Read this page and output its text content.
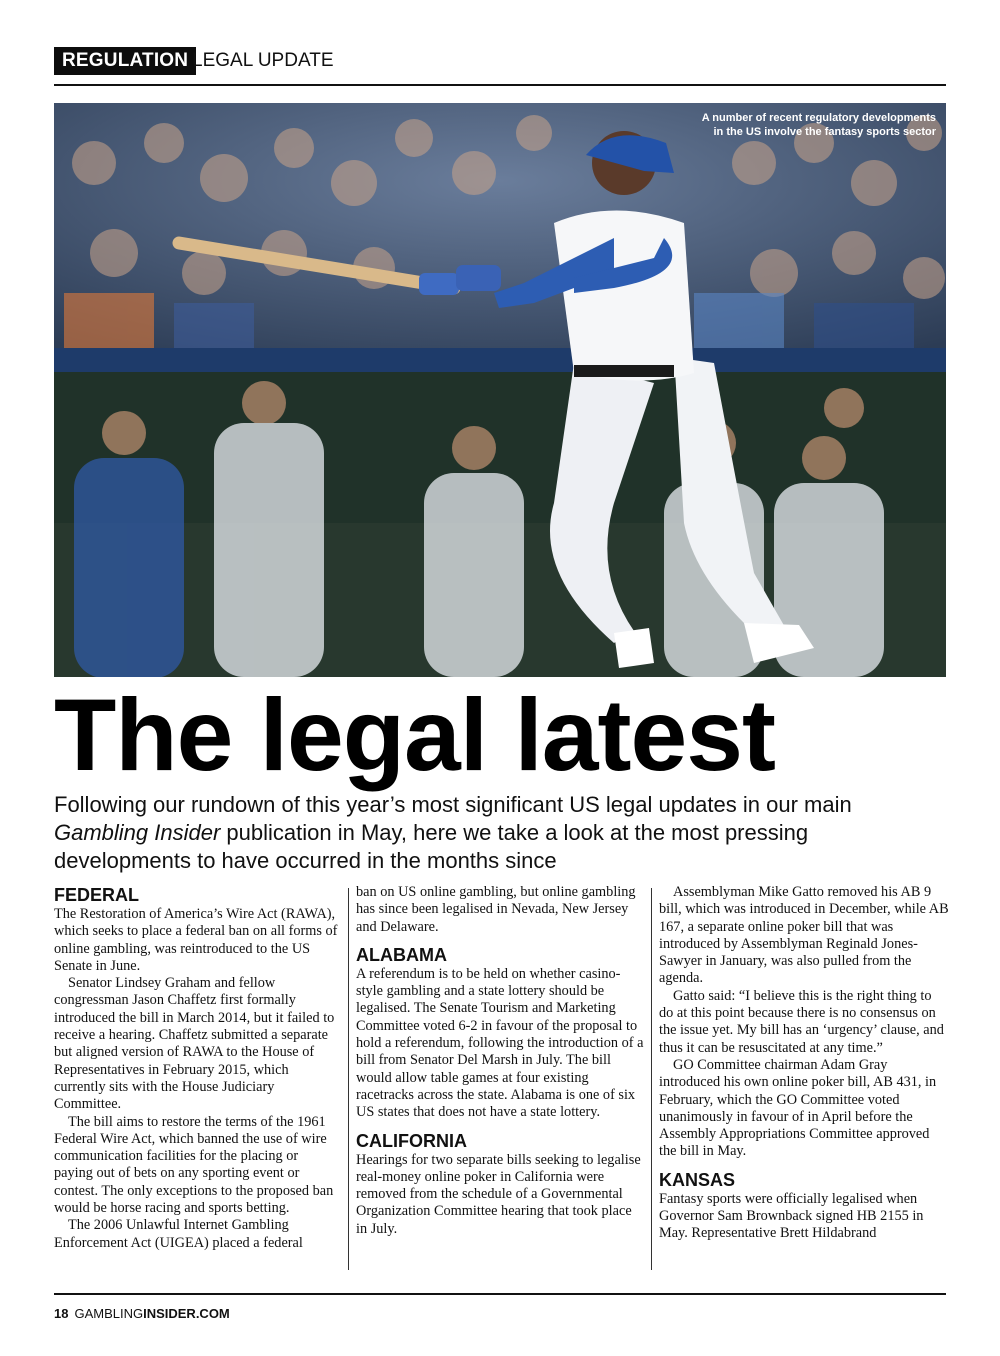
REGULATION LEGAL UPDATE
A number of recent regulatory developments in the US involve the fantasy sports sector
The legal latest

Following our rundown of this year’s most significant US legal updates in our main Gambling Insider publication in May, here we take a look at the most pressing developments to have occurred in the months since

FEDERAL

The Restoration of America’s Wire Act (RAWA), which seeks to place a federal ban on all forms of online gambling, was reintroduced to the US Senate in June.

Senator Lindsey Graham and fellow congressman Jason Chaffetz first formally introduced the bill in March 2014, but it failed to receive a hearing. Chaffetz submitted a separate but aligned version of RAWA to the House of Representatives in February 2015, which currently sits with the House Judiciary Committee.

The bill aims to restore the terms of the 1961 Federal Wire Act, which banned the use of wire communication facilities for the placing or paying out of bets on any sporting event or contest. The only exceptions to the proposed ban would be horse racing and sports betting.

The 2006 Unlawful Internet Gambling Enforcement Act (UIGEA) placed a federal

ban on US online gambling, but online gambling has since been legalised in Nevada, New Jersey and Delaware.

ALABAMA

A referendum is to be held on whether casino-style gambling and a state lottery should be legalised. The Senate Tourism and Marketing Committee voted 6-2 in favour of the proposal to hold a referendum, following the introduction of a bill from Senator Del Marsh in July. The bill would allow table games at four existing racetracks across the state. Alabama is one of six US states that does not have a state lottery.

CALIFORNIA

Hearings for two separate bills seeking to legalise real-money online poker in California were removed from the schedule of a Governmental Organization Committee hearing that took place in July.

Assemblyman Mike Gatto removed his AB 9 bill, which was introduced in December, while AB 167, a separate online poker bill that was introduced by Assemblyman Reginald Jones-Sawyer in January, was also pulled from the agenda.

Gatto said: “I believe this is the right thing to do at this point because there is no consensus on the issue yet. My bill has an ‘urgency’ clause, and thus it can be resuscitated at any time.”

GO Committee chairman Adam Gray introduced his own online poker bill, AB 431, in February, which the GO Committee voted unanimously in favour of in April before the Assembly Appropriations Committee approved the bill in May.

KANSAS

Fantasy sports were officially legalised when Governor Sam Brownback signed HB 2155 in May. Representative Brett Hildabrand

18 GAMBLINGINSIDER.COM
